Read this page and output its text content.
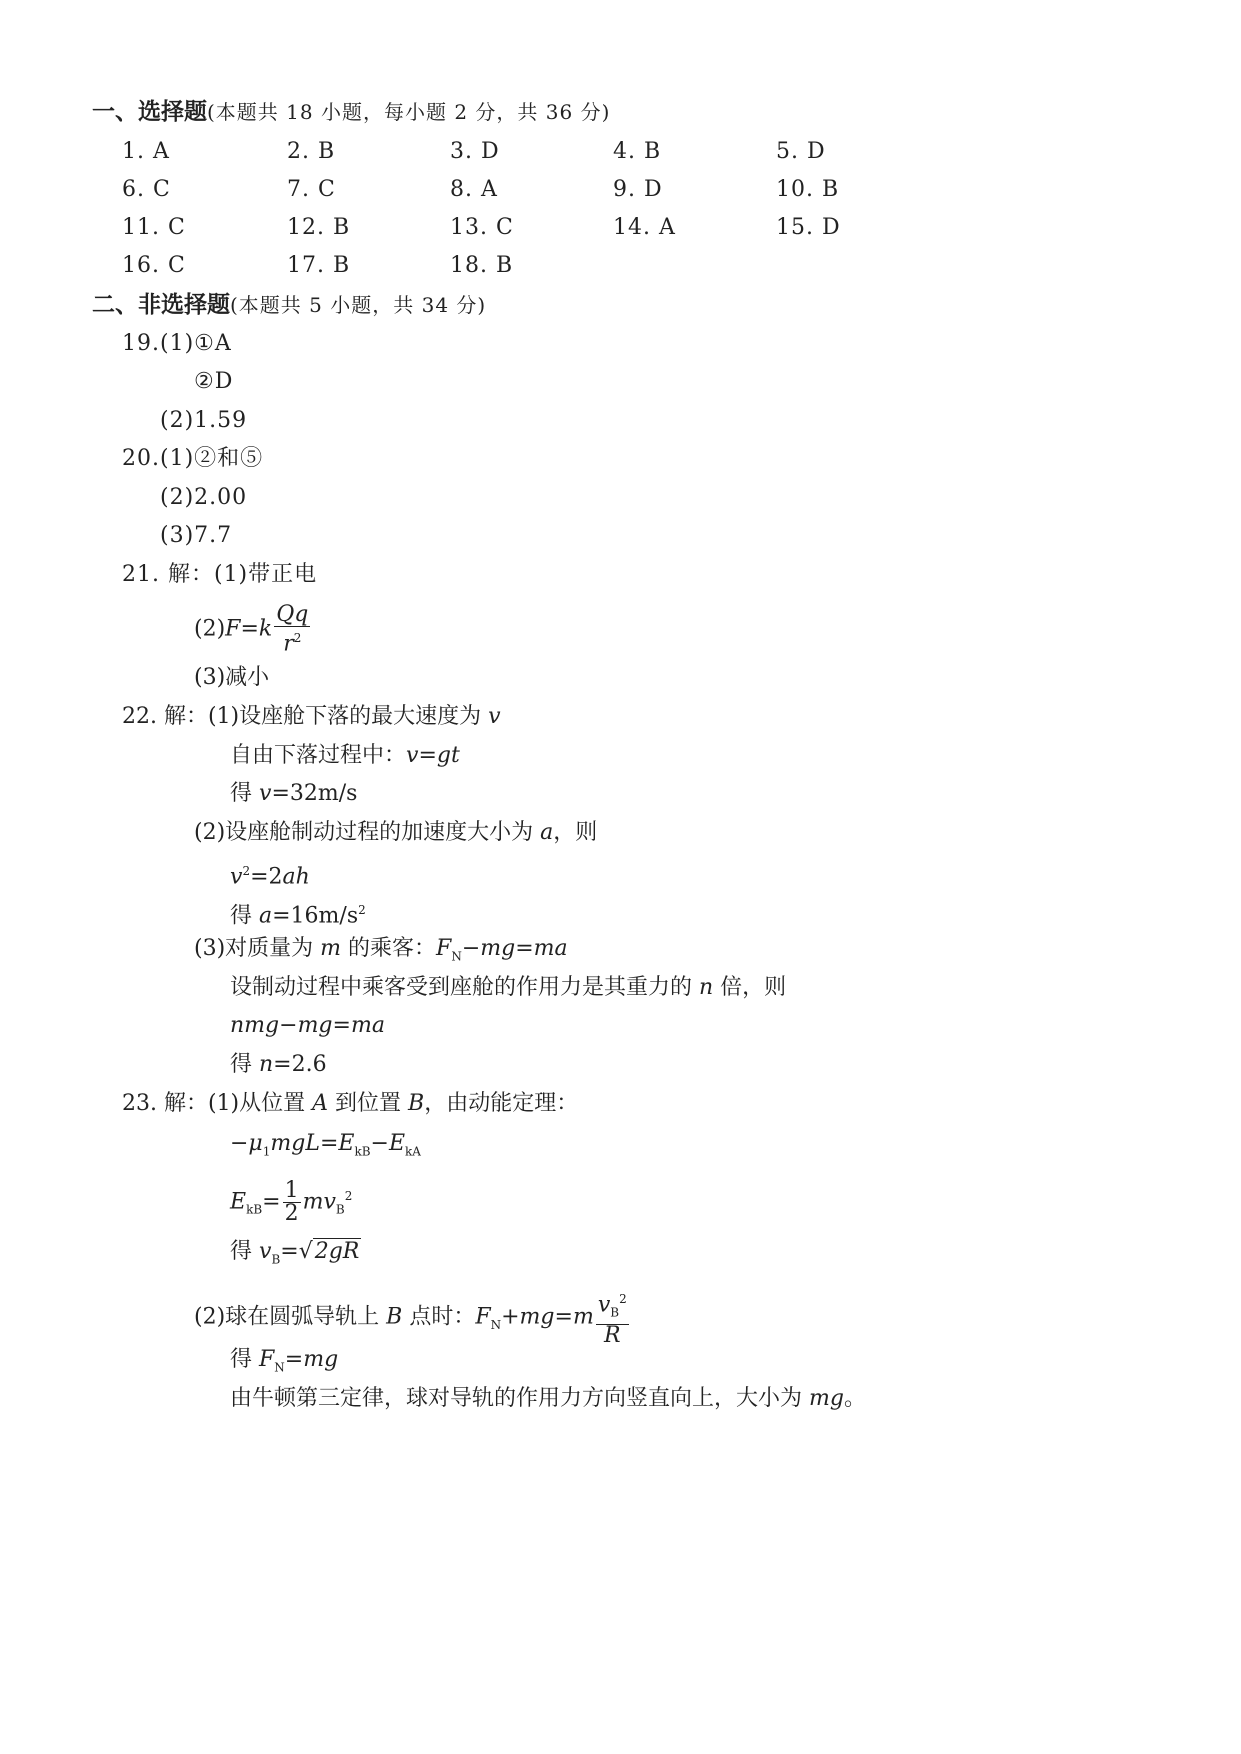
一、选择题(本题共 18 小题，每小题 2 分，共 36 分)
1. A	2. B	3. D	4. B	5. D
6. C	7. C	8. A	9. D	10. B
11. C	12. B	13. C	14. A	15. D
16. C	17. B	18. B
二、非选择题(本题共 5 小题，共 34 分)
19.(1)①A
②D
(2)1.59
20.(1)②和⑤
(2)2.00
(3)7.7
21. 解：(1)带正电
$(2)F=k \frac{Qq}{r^2}$
(3)减小
22. 解：(1)设座舱下落的最大速度为 v
自由下落过程中：v=gt
得 v=32m/s
(2)设座舱制动过程的加速度大小为 a，则
$v^2=2ah$
得 $a=16m/s^2$
(3)对质量为 m 的乘客：$F_N-mg=ma$
设制动过程中乘客受到座舱的作用力是其重力的 n 倍，则
nmg−mg=ma
得 n=2.6
23. 解：(1)从位置 A 到位置 B，由动能定理：
$-\mu_1mgL=E_{kB}-E_{kA}$
$E_{kB}= \frac{1}{2} mv_B^2$
得 $v_B=√2gR$
(2)球在圆弧导轨上 B 点时：$F_N+mg=m \frac{v_B^2}{R}$
得 $F_N=mg$
由牛顿第三定律，球对导轨的作用力方向竖直向上，大小为 mg。
